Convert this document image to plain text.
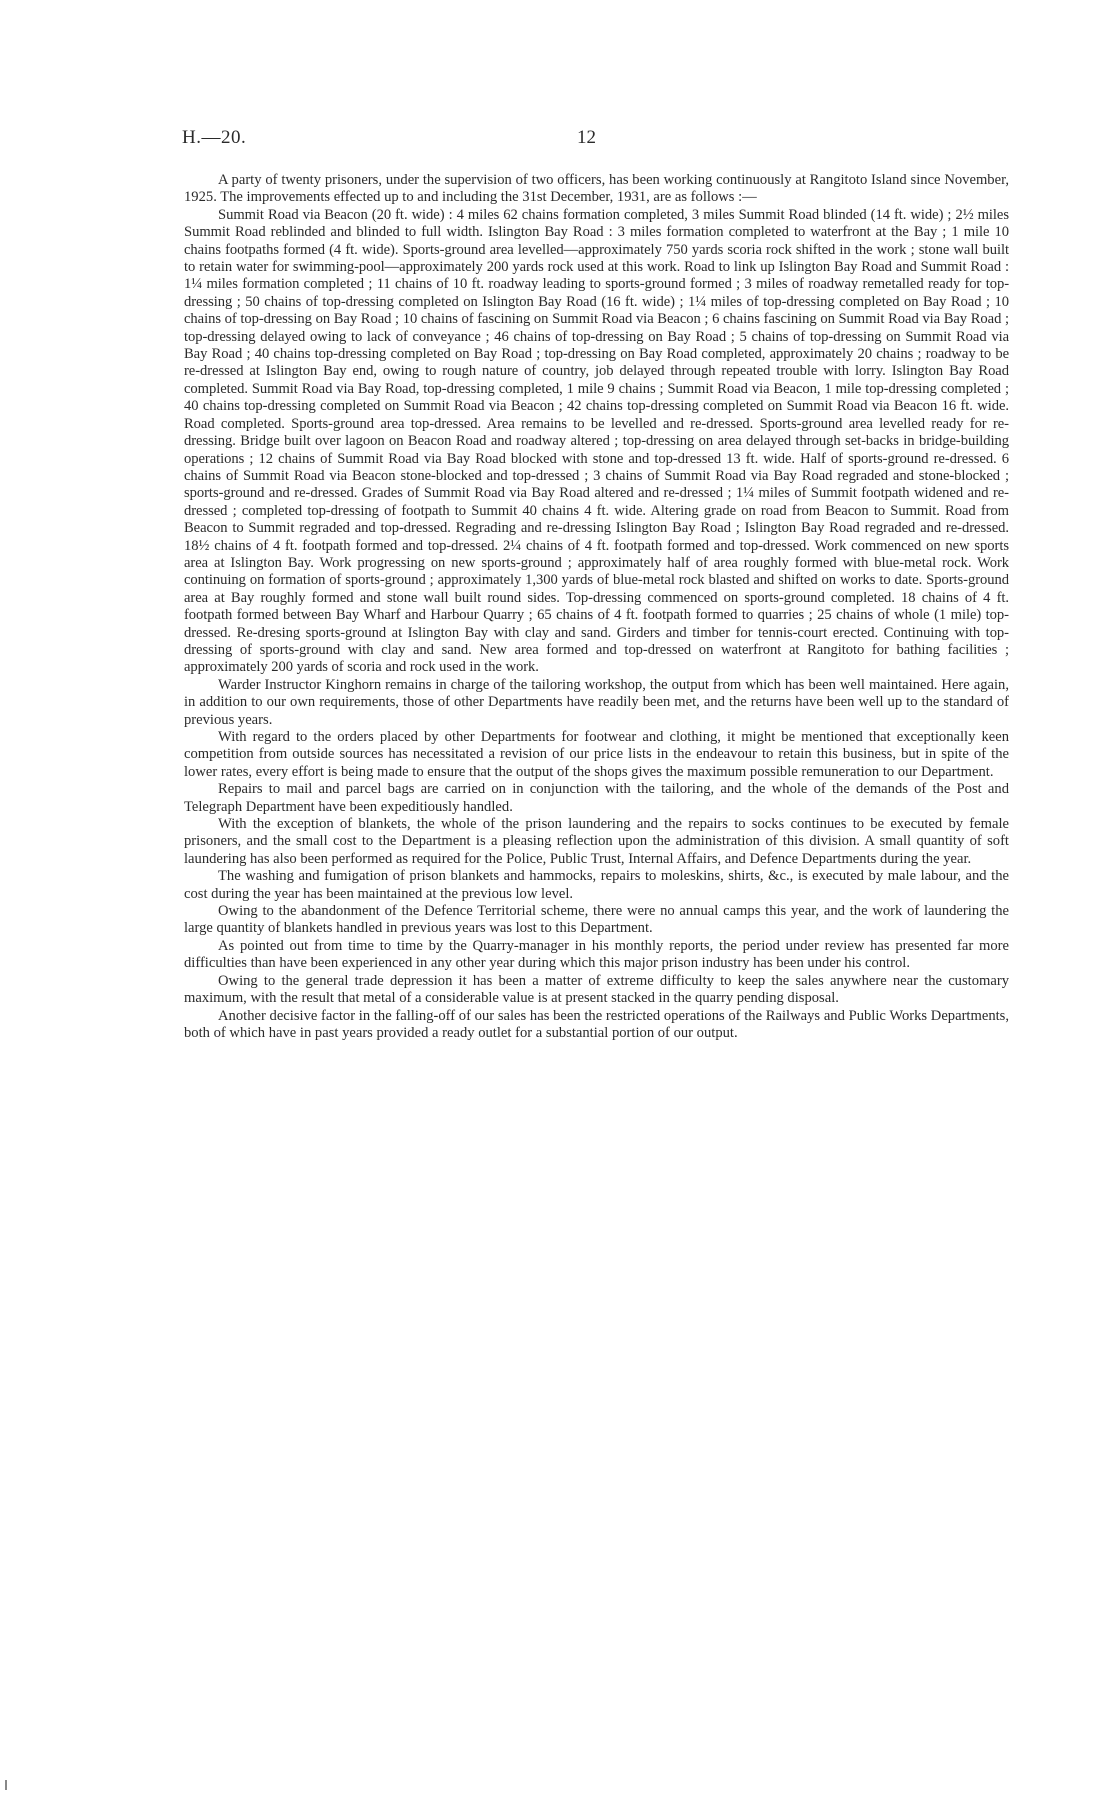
H.—20.	12

A party of twenty prisoners, under the supervision of two officers, has been working continuously at Rangitoto Island since November, 1925. The improvements effected up to and including the 31st December, 1931, are as follows :—

Summit Road via Beacon (20 ft. wide) : 4 miles 62 chains formation completed, 3 miles Summit Road blinded (14 ft. wide) ; 2½ miles Summit Road reblinded and blinded to full width. Islington Bay Road : 3 miles formation completed to waterfront at the Bay ; 1 mile 10 chains footpaths formed (4 ft. wide). Sports-ground area levelled—approximately 750 yards scoria rock shifted in the work ; stone wall built to retain water for swimming-pool—approximately 200 yards rock used at this work. Road to link up Islington Bay Road and Summit Road : 1¼ miles formation completed ; 11 chains of 10 ft. roadway leading to sports-ground formed ; 3 miles of roadway remetalled ready for top-dressing ; 50 chains of top-dressing completed on Islington Bay Road (16 ft. wide) ; 1¼ miles of top-dressing completed on Bay Road ; 10 chains of top-dressing on Bay Road ; 10 chains of fascining on Summit Road via Beacon ; 6 chains fascining on Summit Road via Bay Road ; top-dressing delayed owing to lack of conveyance ; 46 chains of top-dressing on Bay Road ; 5 chains of top-dressing on Summit Road via Bay Road ; 40 chains top-dressing completed on Bay Road ; top-dressing on Bay Road completed, approximately 20 chains ; roadway to be re-dressed at Islington Bay end, owing to rough nature of country, job delayed through repeated trouble with lorry. Islington Bay Road completed. Summit Road via Bay Road, top-dressing completed, 1 mile 9 chains ; Summit Road via Beacon, 1 mile top-dressing completed ; 40 chains top-dressing completed on Summit Road via Beacon ; 42 chains top-dressing completed on Summit Road via Beacon 16 ft. wide. Road completed. Sports-ground area top-dressed. Area remains to be levelled and re-dressed. Sports-ground area levelled ready for re-dressing. Bridge built over lagoon on Beacon Road and roadway altered ; top-dressing on area delayed through set-backs in bridge-building operations ; 12 chains of Summit Road via Bay Road blocked with stone and top-dressed 13 ft. wide. Half of sports-ground re-dressed. 6 chains of Summit Road via Beacon stone-blocked and top-dressed ; 3 chains of Summit Road via Bay Road regraded and stone-blocked ; sports-ground and re-dressed. Grades of Summit Road via Bay Road altered and re-dressed ; 1¼ miles of Summit footpath widened and re-dressed ; completed top-dressing of footpath to Summit 40 chains 4 ft. wide. Altering grade on road from Beacon to Summit. Road from Beacon to Summit regraded and top-dressed. Regrading and re-dressing Islington Bay Road ; Islington Bay Road regraded and re-dressed. 18½ chains of 4 ft. footpath formed and top-dressed. 2¼ chains of 4 ft. footpath formed and top-dressed. Work commenced on new sports area at Islington Bay. Work progressing on new sports-ground ; approximately half of area roughly formed with blue-metal rock. Work continuing on formation of sports-ground ; approximately 1,300 yards of blue-metal rock blasted and shifted on works to date. Sports-ground area at Bay roughly formed and stone wall built round sides. Top-dressing commenced on sports-ground completed. 18 chains of 4 ft. footpath formed between Bay Wharf and Harbour Quarry ; 65 chains of 4 ft. footpath formed to quarries ; 25 chains of whole (1 mile) top-dressed. Re-dresing sports-ground at Islington Bay with clay and sand. Girders and timber for tennis-court erected. Continuing with top-dressing of sports-ground with clay and sand. New area formed and top-dressed on waterfront at Rangitoto for bathing facilities ; approximately 200 yards of scoria and rock used in the work.

Warder Instructor Kinghorn remains in charge of the tailoring workshop, the output from which has been well maintained. Here again, in addition to our own requirements, those of other Departments have readily been met, and the returns have been well up to the standard of previous years.

With regard to the orders placed by other Departments for footwear and clothing, it might be mentioned that exceptionally keen competition from outside sources has necessitated a revision of our price lists in the endeavour to retain this business, but in spite of the lower rates, every effort is being made to ensure that the output of the shops gives the maximum possible remuneration to our Department.

Repairs to mail and parcel bags are carried on in conjunction with the tailoring, and the whole of the demands of the Post and Telegraph Department have been expeditiously handled.

With the exception of blankets, the whole of the prison laundering and the repairs to socks continues to be executed by female prisoners, and the small cost to the Department is a pleasing reflection upon the administration of this division. A small quantity of soft laundering has also been performed as required for the Police, Public Trust, Internal Affairs, and Defence Departments during the year.

The washing and fumigation of prison blankets and hammocks, repairs to moleskins, shirts, &c., is executed by male labour, and the cost during the year has been maintained at the previous low level.

Owing to the abandonment of the Defence Territorial scheme, there were no annual camps this year, and the work of laundering the large quantity of blankets handled in previous years was lost to this Department.

As pointed out from time to time by the Quarry-manager in his monthly reports, the period under review has presented far more difficulties than have been experienced in any other year during which this major prison industry has been under his control.

Owing to the general trade depression it has been a matter of extreme difficulty to keep the sales anywhere near the customary maximum, with the result that metal of a considerable value is at present stacked in the quarry pending disposal.

Another decisive factor in the falling-off of our sales has been the restricted operations of the Railways and Public Works Departments, both of which have in past years provided a ready outlet for a substantial portion of our output.
